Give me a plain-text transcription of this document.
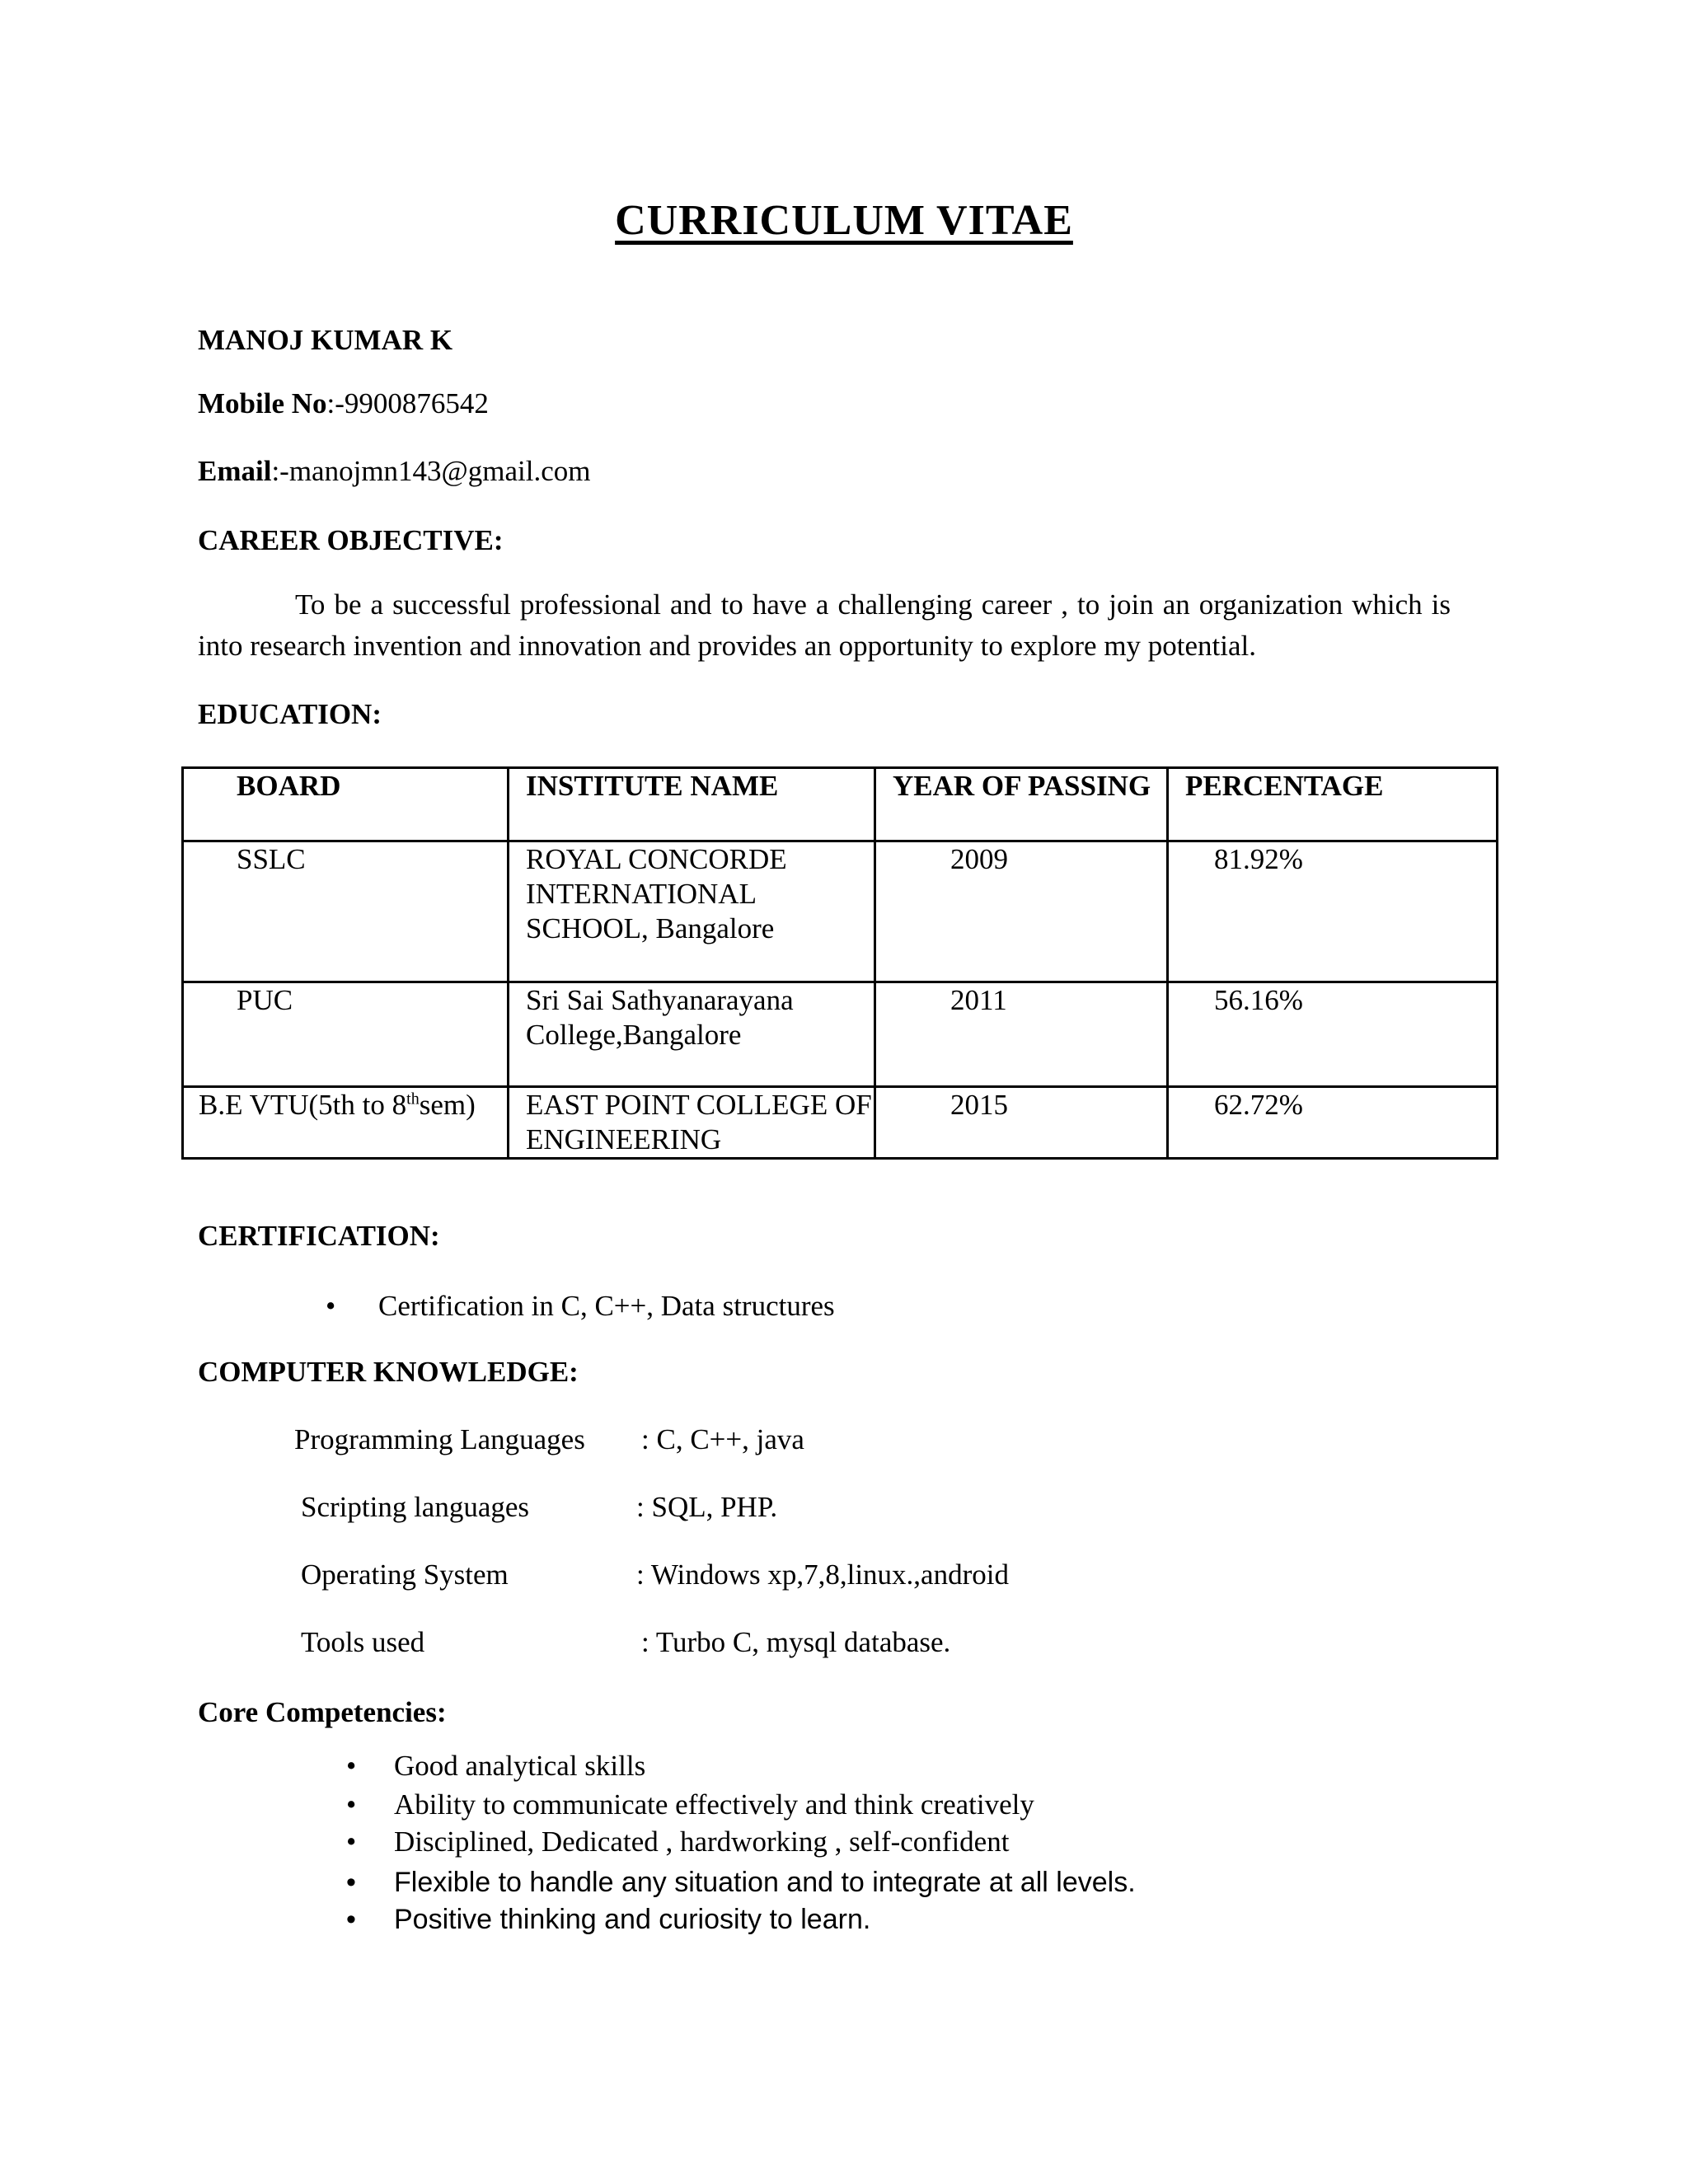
CURRICULUM VITAE
MANOJ KUMAR K
Mobile No:-9900876542
Email:-manojmn143@gmail.com
CAREER OBJECTIVE:
To be a successful professional and to have a challenging career , to join an organization which is into research invention and innovation and provides an opportunity to explore my potential.
EDUCATION:
BOARD	INSTITUTE NAME	YEAR OF PASSING	PERCENTAGE
SSLC	ROYAL CONCORDE INTERNATIONAL SCHOOL, Bangalore	2009	81.92%
PUC	Sri Sai Sathyanarayana College,Bangalore	2011	56.16%
B.E VTU(5th to 8thsem)	EAST POINT COLLEGE OF ENGINEERING	2015	62.72%
CERTIFICATION:
• Certification in C, C++, Data structures
COMPUTER KNOWLEDGE:
Programming Languages : C, C++, java
Scripting languages	: SQL, PHP.
Operating System	: Windows xp,7,8,linux.,android
Tools used	: Turbo C, mysql database.
Core Competencies:
• Good analytical skills
• Ability to communicate effectively and think creatively
• Disciplined, Dedicated , hardworking , self-confident
• Flexible to handle any situation and to integrate at all levels.
• Positive thinking and curiosity to learn.
